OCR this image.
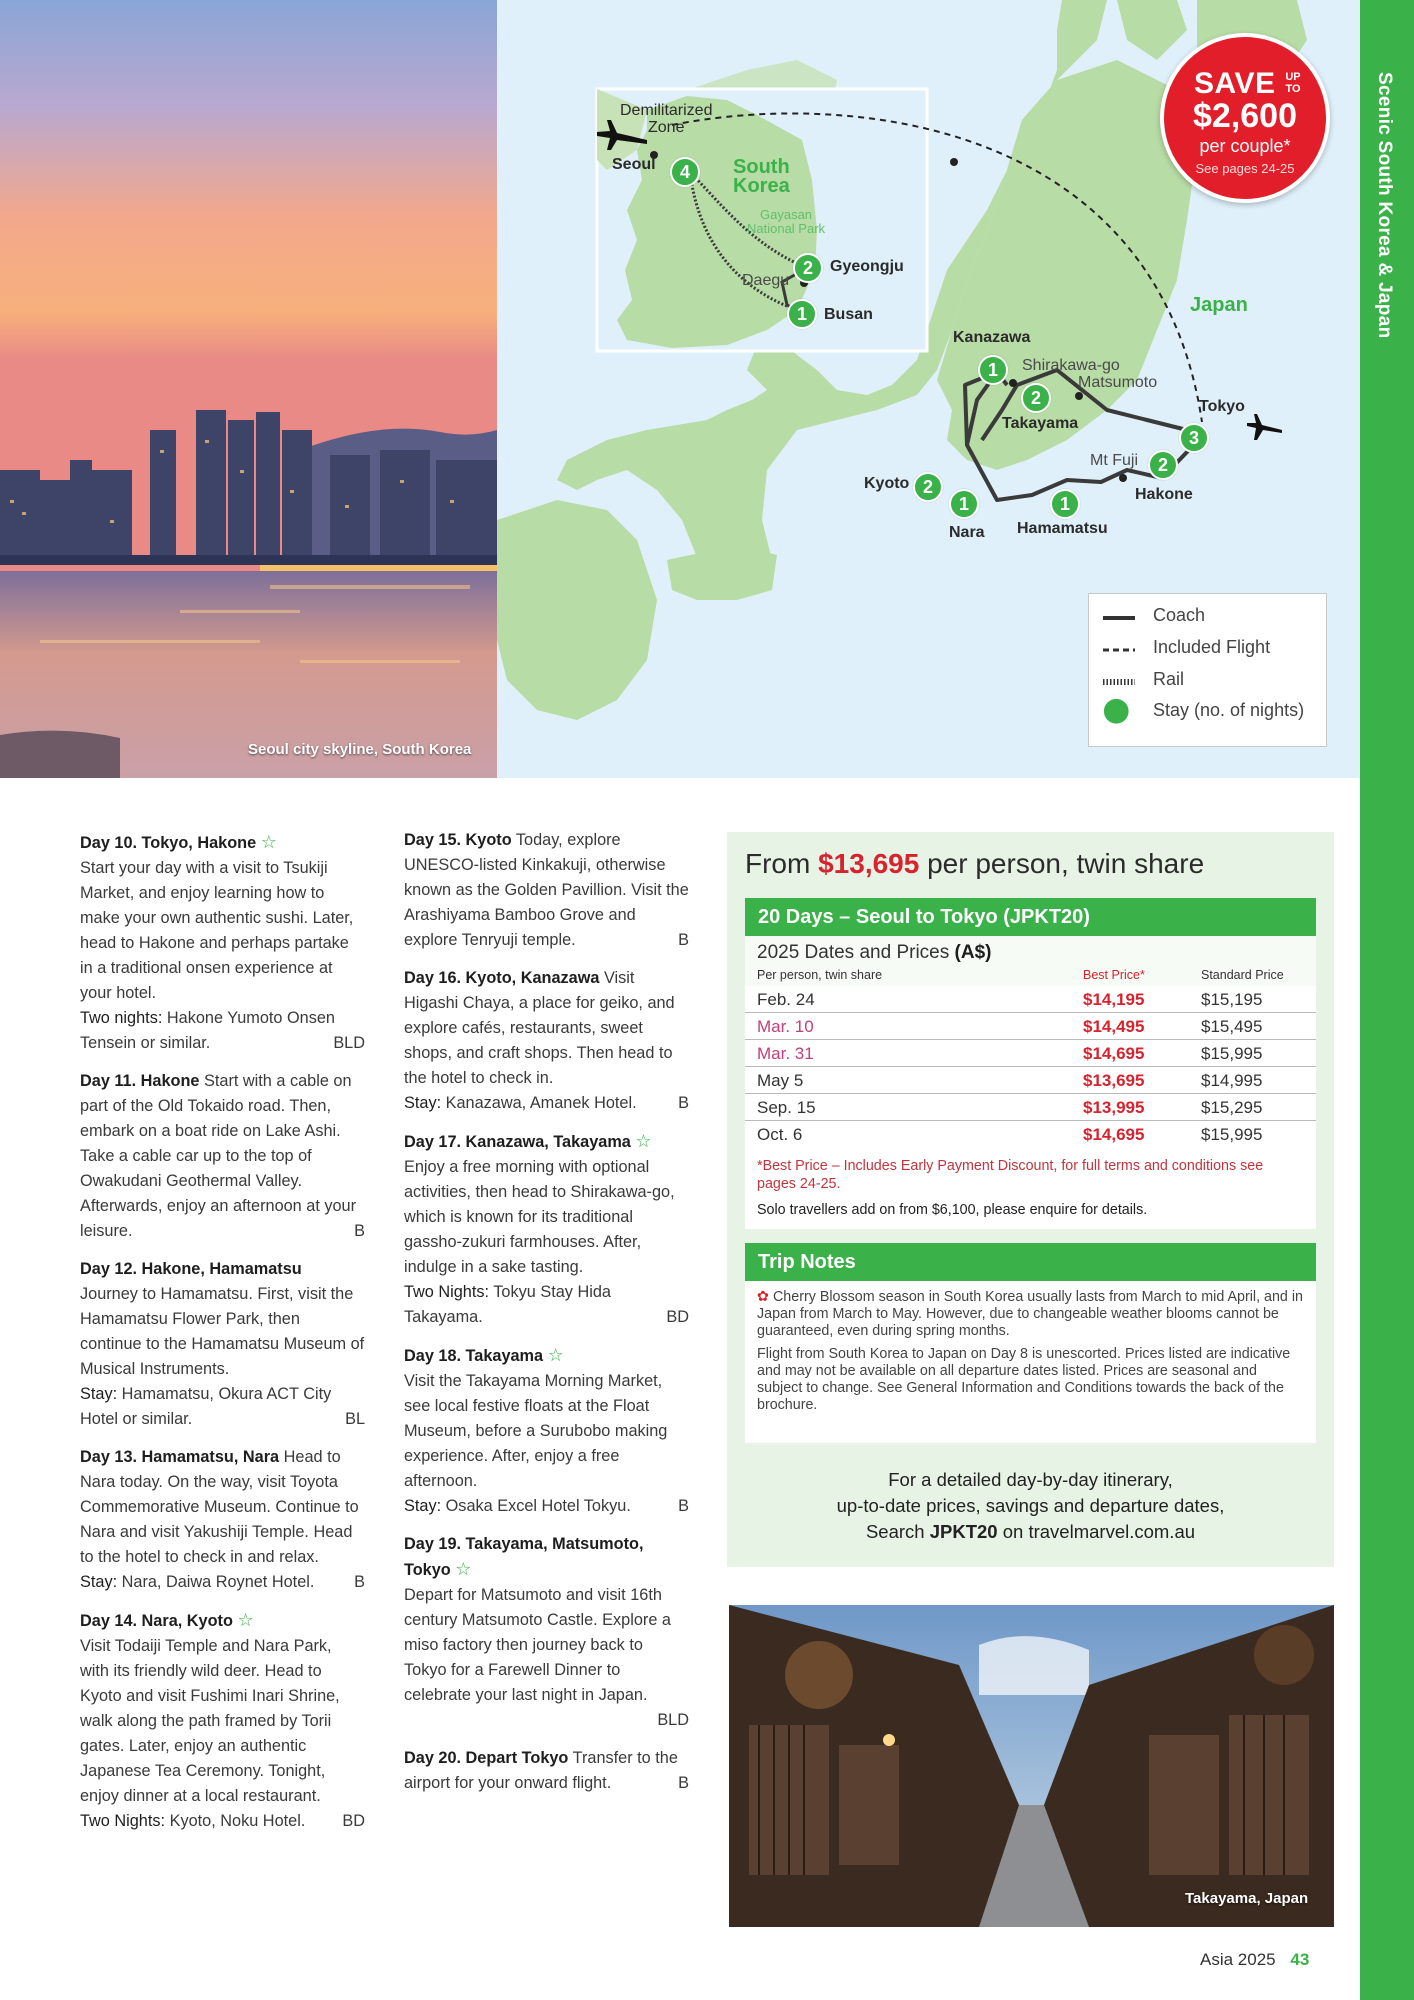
Scenic South Korea & Japan
Seoul city skyline, South Korea
Demilitarized
Zone
Seoul	South
Korea
Gayasan
National Park
Daegu
Gyeongju
Busan	Japan
Kanazawa
Shirakawa-go
Matsumoto
Takayama
Tokyo
Mt Fuji
Kyoto
Hakone
Nara Hamamatsu
4
2
1
1
2
3
2
2
1	1
SAVE UP TO
$2,600
per couple*
See pages 24-25
Coach
Included Flight
Rail
Stay (no. of nights)
Day 10. Tokyo, Hakone ☆
Start your day with a visit to Tsukiji Market, and enjoy learning how to make your own authentic sushi. Later, head to Hakone and perhaps partake in a traditional onsen experience at your hotel.
Two nights: Hakone Yumoto Onsen Tensein or similar.	BLD
Day 11. Hakone Start with a cable on part of the Old Tokaido road. Then, embark on a boat ride on Lake Ashi. Take a cable car up to the top of Owakudani Geothermal Valley. Afterwards, enjoy an afternoon at your leisure.	B
Day 12. Hakone, Hamamatsu
Journey to Hamamatsu. First, visit the Hamamatsu Flower Park, then continue to the Hamamatsu Museum of Musical Instruments.
Stay: Hamamatsu, Okura ACT City Hotel or similar.	BL
Day 13. Hamamatsu, Nara Head to Nara today. On the way, visit Toyota Commemorative Museum. Continue to Nara and visit Yakushiji Temple. Head to the hotel to check in and relax.
Stay: Nara, Daiwa Roynet Hotel. B
Day 14. Nara, Kyoto ☆
Visit Todaiji Temple and Nara Park, with its friendly wild deer. Head to Kyoto and visit Fushimi Inari Shrine, walk along the path framed by Torii gates. Later, enjoy an authentic Japanese Tea Ceremony. Tonight, enjoy dinner at a local restaurant.
Two Nights: Kyoto, Noku Hotel. BD
Day 15. Kyoto Today, explore UNESCO-listed Kinkakuji, otherwise known as the Golden Pavillion. Visit the Arashiyama Bamboo Grove and explore Tenryuji temple.	B
Day 16. Kyoto, Kanazawa Visit Higashi Chaya, a place for geiko, and explore cafés, restaurants, sweet shops, and craft shops. Then head to the hotel to check in.
Stay: Kanazawa, Amanek Hotel.	B
Day 17. Kanazawa, Takayama ☆
Enjoy a free morning with optional activities, then head to Shirakawa-go, which is known for its traditional gassho-zukuri farmhouses. After, indulge in a sake tasting.
Two Nights: Tokyu Stay Hida Takayama.	BD
Day 18. Takayama ☆
Visit the Takayama Morning Market, see local festive floats at the Float Museum, before a Surubobo making experience. After, enjoy a free afternoon.
Stay: Osaka Excel Hotel Tokyu.	B
Day 19. Takayama, Matsumoto, Tokyo ☆
Depart for Matsumoto and visit 16th century Matsumoto Castle. Explore a miso factory then journey back to Tokyo for a Farewell Dinner to celebrate your last night in Japan.
BLD
Day 20. Depart Tokyo Transfer to the airport for your onward flight.	B
From $13,695 per person, twin share
20 Days – Seoul to Tokyo (JPKT20)
2025 Dates and Prices (A$)
Per person, twin share	Best Price*	Standard Price
Feb. 24	$14,195	$15,195
Mar. 10	$14,495	$15,495
Mar. 31	$14,695	$15,995
May 5	$13,695	$14,995
Sep. 15	$13,995	$15,295
Oct. 6	$14,695	$15,995
*Best Price – Includes Early Payment Discount, for full terms and conditions see pages 24-25.
Solo travellers add on from $6,100, please enquire for details.
Trip Notes

✿ Cherry Blossom season in South Korea usually lasts from March to mid April, and in Japan from March to May. However, due to changeable weather blooms cannot be guaranteed, even during spring months.

Flight from South Korea to Japan on Day 8 is unescorted. Prices listed are indicative and may not be available on all departure dates listed. Prices are seasonal and subject to change. See General Information and Conditions towards the back of the brochure.

For a detailed day-by-day itinerary,
up-to-date prices, savings and departure dates,
Search JPKT20 on travelmarvel.com.au
Takayama, Japan
Asia 2025 43
